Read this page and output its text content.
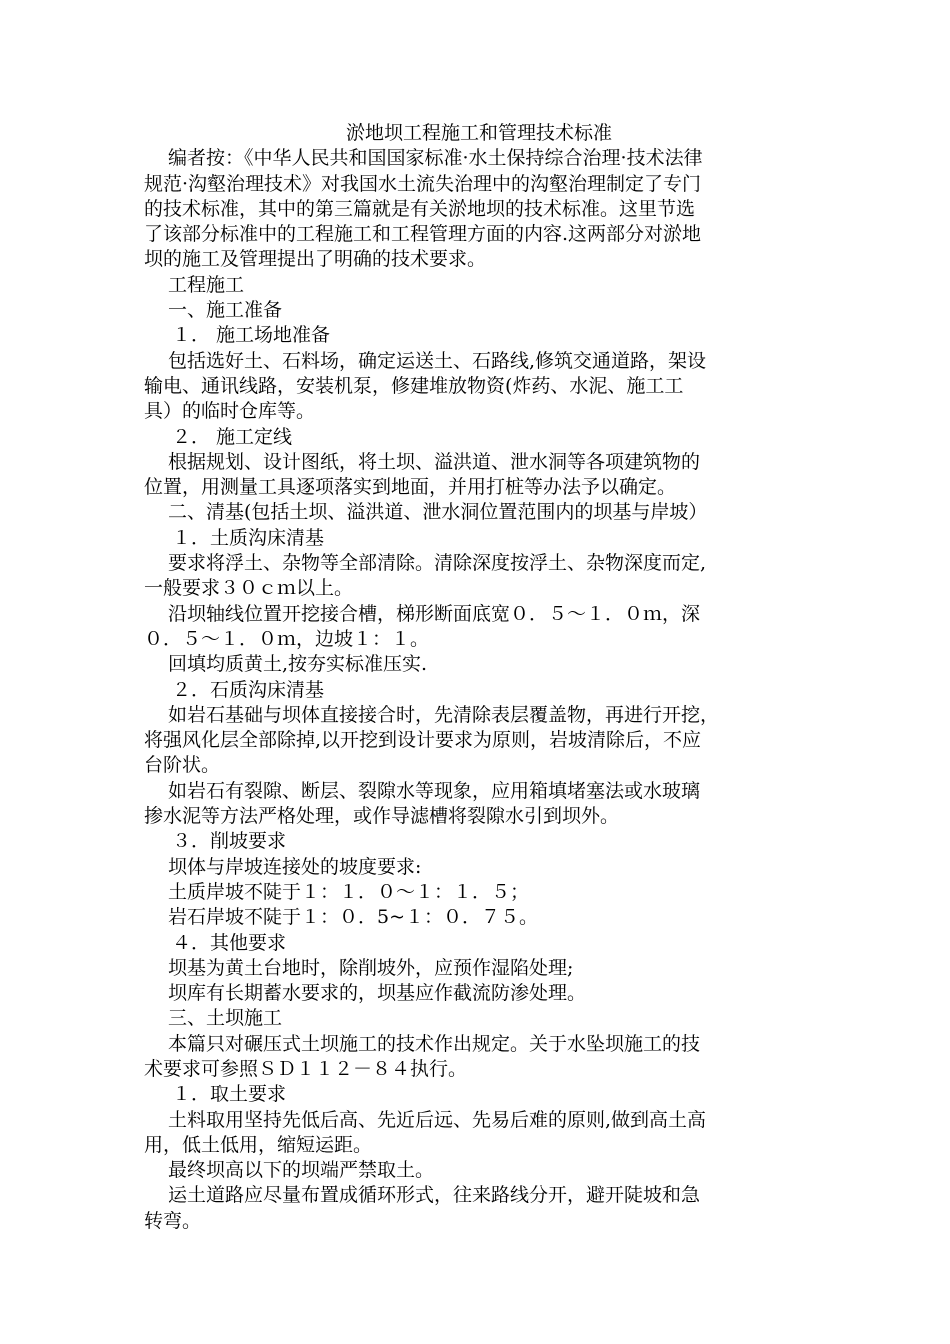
淤地坝工程施工和管理技术标准
编者按：《中华人民共和国国家标准·水土保持综合治理·技术法律
规范·沟壑治理技术》对我国水土流失治理中的沟壑治理制定了专门
的技术标准，其中的第三篇就是有关淤地坝的技术标准。这里节选
了该部分标准中的工程施工和工程管理方面的内容.这两部分对淤地
坝的施工及管理提出了明确的技术要求。
工程施工
一、施工准备
１． 施工场地准备
包括选好土、石料场，确定运送土、石路线,修筑交通道路，架设
输电、通讯线路，安装机泵，修建堆放物资(炸药、水泥、施工工
具）的临时仓库等。
２． 施工定线
根据规划、设计图纸，将土坝、溢洪道、泄水洞等各项建筑物的
位置，用测量工具逐项落实到地面，并用打桩等办法予以确定。
二、清基(包括土坝、溢洪道、泄水洞位置范围内的坝基与岸坡）
１．土质沟床清基
要求将浮土、杂物等全部清除。清除深度按浮土、杂物深度而定,
一般要求３０ｃｍ以上。
沿坝轴线位置开挖接合槽，梯形断面底宽０．５～１．０ｍ，深
０．５～１．０ｍ，边坡１：１。
回填均质黄土,按夯实标准压实.
２．石质沟床清基
如岩石基础与坝体直接接合时，先清除表层覆盖物，再进行开挖，
将强风化层全部除掉,以开挖到设计要求为原则，岩坡清除后，不应
台阶状。
如岩石有裂隙、断层、裂隙水等现象，应用箱填堵塞法或水玻璃
掺水泥等方法严格处理，或作导滤槽将裂隙水引到坝外。
３．削坡要求
坝体与岸坡连接处的坡度要求:
土质岸坡不陡于１：１．０～１：１．５；
岩石岸坡不陡于１：０．5~１：０．７５。
４．其他要求
坝基为黄土台地时，除削坡外，应预作湿陷处理;
坝库有长期蓄水要求的，坝基应作截流防渗处理。
三、土坝施工
本篇只对碾压式土坝施工的技术作出规定。关于水坠坝施工的技
术要求可参照ＳＤ１１２－８４执行。
１．取土要求
土料取用坚持先低后高、先近后远、先易后难的原则,做到高土高
用，低土低用，缩短运距。
最终坝高以下的坝端严禁取土。
运土道路应尽量布置成循环形式，往来路线分开，避开陡坡和急
转弯。
